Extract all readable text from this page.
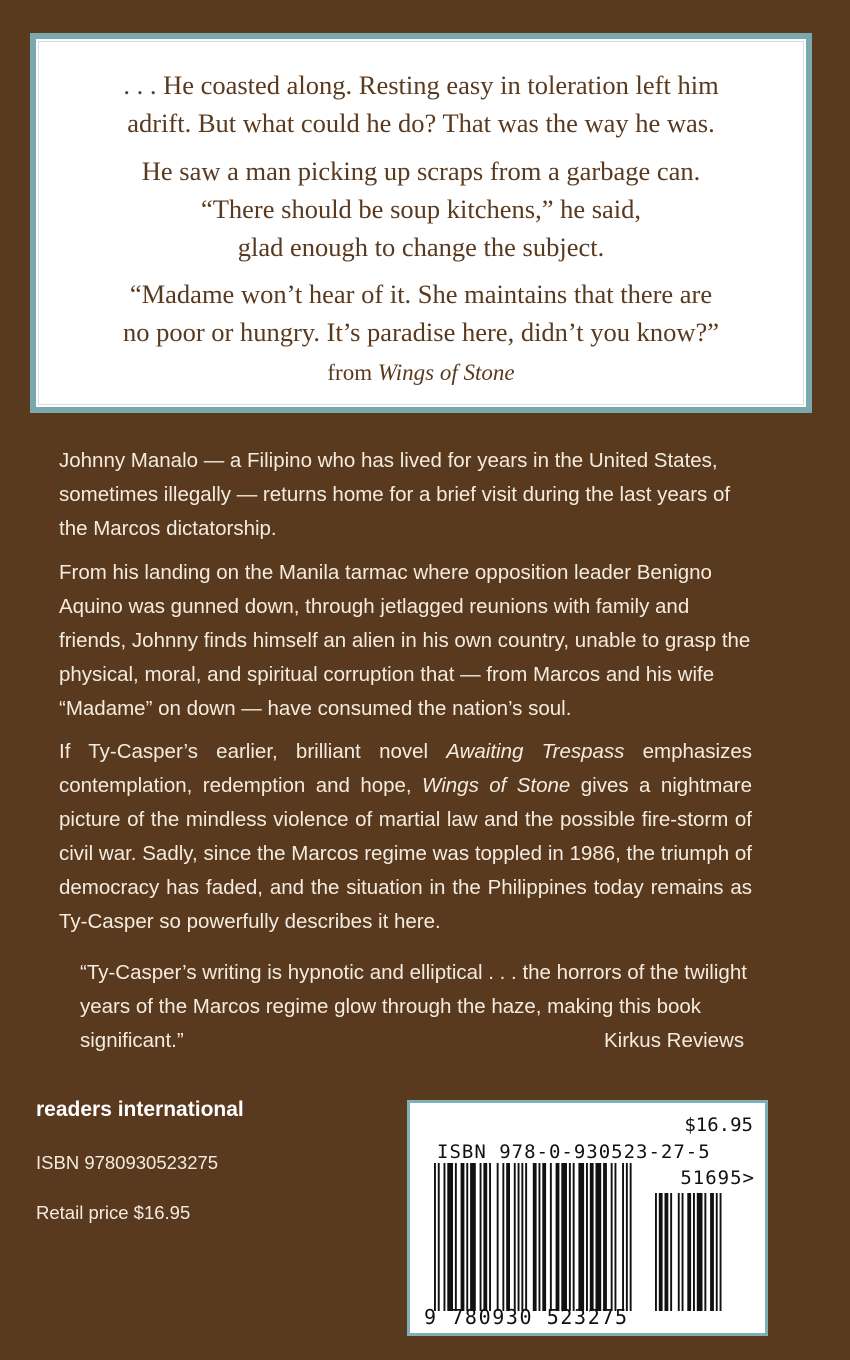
. . . He coasted along. Resting easy in toleration left him
adrift. But what could he do? That was the way he was.

He saw a man picking up scraps from a garbage can.
“There should be soup kitchens,” he said,
glad enough to change the subject.

“Madame won’t hear of it. She maintains that there are
no poor or hungry. It’s paradise here, didn’t you know?”

from Wings of Stone

Johnny Manalo — a Filipino who has lived for years in the United States, sometimes illegally — returns home for a brief visit during the last years of the Marcos dictatorship.

From his landing on the Manila tarmac where opposition leader Benigno Aquino was gunned down, through jetlagged reunions with family and friends, Johnny finds himself an alien in his own country, unable to grasp the physical, moral, and spiritual corruption that — from Marcos and his wife “Madame” on down — have consumed the nation’s soul.

If Ty-Casper’s earlier, brilliant novel Awaiting Trespass emphasizes contemplation, redemption and hope, Wings of Stone gives a nightmare picture of the mindless violence of martial law and the possible fire-storm of civil war. Sadly, since the Marcos regime was toppled in 1986, the triumph of democracy has faded, and the situation in the Philippines today remains as Ty-Casper so powerfully describes it here.

“Ty-Casper’s writing is hypnotic and elliptical . . . the horrors of the twilight years of the Marcos regime glow through the haze, making this book significant.”	Kirkus Reviews
readers international
ISBN 9780930523275
Retail price $16.95
$16.95
ISBN 978-0-930523-27-5
51695>
9 780930 523275
